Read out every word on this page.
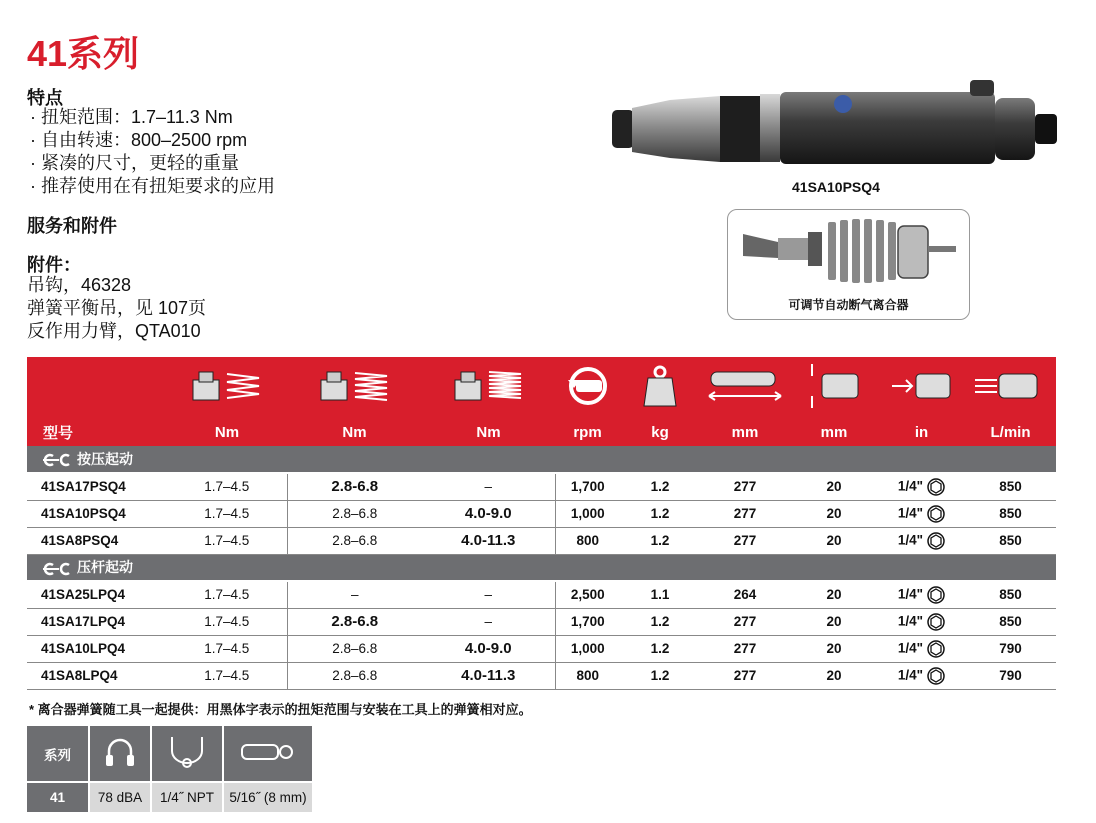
41系列
特点
· 扭矩范围：1.7–11.3 Nm
· 自由转速：800–2500 rpm
· 紧凑的尺寸，更轻的重量
· 推荐使用在有扭矩要求的应用
服务和附件
附件：
吊钩，46328
弹簧平衡吊，见 107页
反作用力臂，QTA010
41SA10PSQ4
可调节自动断气离合器

型号	Nm	Nm	Nm	rpm	kg	mm	mm	in	L/min
按压起动									
41SA17PSQ4	1.7–4.5	2.8-6.8	–	1,700	1.2	277	20	1/4"	850
41SA10PSQ4	1.7–4.5	2.8–6.8	4.0-9.0	1,000	1.2	277	20	1/4"	850
41SA8PSQ4	1.7–4.5	2.8–6.8	4.0-11.3	800	1.2	277	20	1/4"	850
压杆起动									
41SA25LPQ4	1.7–4.5	–	–	2,500	1.1	264	20	1/4"	850
41SA17LPQ4	1.7–4.5	2.8-6.8	–	1,700	1.2	277	20	1/4"	850
41SA10LPQ4	1.7–4.5	2.8–6.8	4.0-9.0	1,000	1.2	277	20	1/4"	790
41SA8LPQ4	1.7–4.5	2.8–6.8	4.0-11.3	800	1.2	277	20	1/4"	790
* 离合器弹簧随工具一起提供：用黑体字表示的扭矩范围与安装在工具上的弹簧相对应。
系列			
41	78 dBA	1/4˝ NPT	5/16˝ (8 mm)
